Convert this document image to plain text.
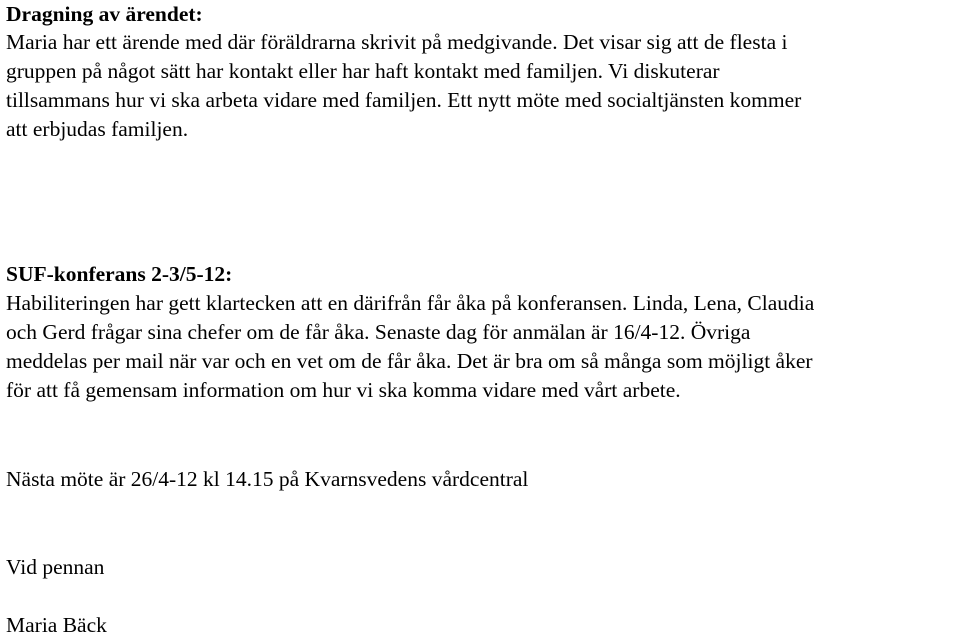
Dragning av ärendet:
Maria har ett ärende med där föräldrarna skrivit på medgivande. Det visar sig att de flesta i
gruppen på något sätt har kontakt eller har haft kontakt med familjen. Vi diskuterar
tillsammans hur vi ska arbeta vidare med familjen. Ett nytt möte med socialtjänsten kommer
att erbjudas familjen.
SUF-konferans 2-3/5-12:
Habiliteringen har gett klartecken att en därifrån får åka på konferansen. Linda, Lena, Claudia
och Gerd frågar sina chefer om de får åka. Senaste dag för anmälan är 16/4-12. Övriga
meddelas per mail när var och en vet om de får åka. Det är bra om så många som möjligt åker
för att få gemensam information om hur vi ska komma vidare med vårt arbete.
Nästa möte är 26/4-12 kl 14.15 på Kvarnsvedens vårdcentral
Vid pennan
Maria Bäck
